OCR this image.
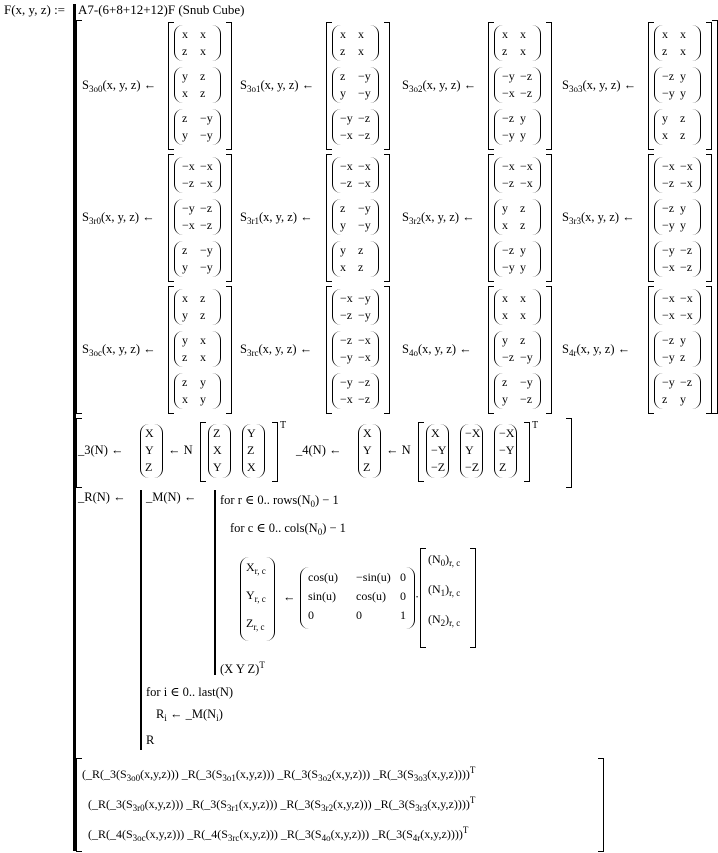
F(x, y, z) := A7-(6+8+12+12)F (Snub Cube)
$S_{3o0}(x$, y, z) ←
x x
z x
y z
x z
z −y
y −y
$S_{3o1}(x$, y, z) ←
x x
z x
z −y
y −y
−y −z
−x −z
$S_{3o2}(x$, y, z) ←
x x
z x
−y −z
−x −z
−z y
−y y
$S_{3o3}(x$, y, z) ←
x x
z x
−z y
−y y
y z
x z
$S_{3r0}(x$, y, z) ←
−x −x
−z −x
−y −z
−x −z
z −y
y −y
$S_{3r1}(x$, y, z) ←
−x −x
−z −x
z −y
y −y
y z
x z
$S_{3r2}(x$, y, z) ←
−x −x
−z −x
y z
x z
−z y
−y y
$S_{3r3}(x$, y, z) ←
−x −x
−z −x
−z y
−y y
−y −z
−x −z
$S_{3oc}(x$, y, z) ←
x z
y z
y x
z x
z y
x y
$S_{3rc}(x$, y, z) ←
−x −y
−z −y
−z −x
−y −x
−y −z
−x −z
$S_{4o}(x$, y, z) ←
x x
x x
y z
−z −y
z −y
y −z
$S_{4r}(x$, y, z) ←
−x −x
−x −x
−z y
−y z
−y −z
z y
_3(N) ←
X
Y
Z
← N
Z
X
Y
Y
Z
X
T
_4(N) ←
X
Y
Z
← N
X
−Y
−Z
−X
Y
−Z
−X
−Y
Z
T
_R(N) ← _M(N) ← for r ∈ 0.. $rows(N_0) - 1$
for c ∈ 0.. $cols(N_0) - 1$
$X_{r, c}$
$Y_{r, c}$
$Z_{r, c}$
←
cos(u) −sin(u) 0
sin(u) cos(u) 0
0	0	1
·
$(N_0)_{r, c}$
$(N_1)_{r, c}$
$(N_2)_{r, c}$
(X Y Z)$^T$
for i ∈ 0.. last(N)
$R_i$ ← $\_M(N_i)$
R
($\_R(\_3(S_{3o0}(x,y,z)))$ $\_R(\_3(S_{3o1}(x,y,z)))$ $\_R(\_3(S_{3o2}(x,y,z)))$ $\_R(\_3(S_{3o3}(x,y,z))))^T$
($\_R(\_3(S_{3r0}(x,y,z)))$ $\_R(\_3(S_{3r1}(x,y,z)))$ $\_R(\_3(S_{3r2}(x,y,z)))$ $\_R(\_3(S_{3r3}(x,y,z))))^T$
($\_R(\_4(S_{3oc}(x,y,z)))$ $\_R(\_4(S_{3rc}(x,y,z)))$ $\_R(\_3(S_{4o}(x,y,z)))$ $\_R(\_3(S_{4r}(x,y,z))))^T$
